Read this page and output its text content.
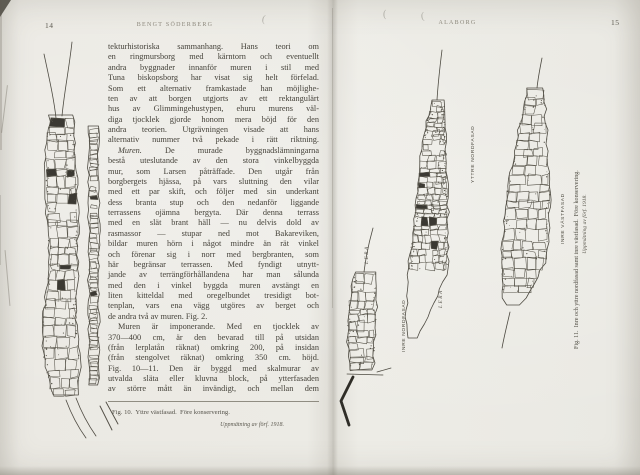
(	(	(
14	BENGT SÖDERBERG
tekturhistoriska sammanhang. Hans teori om
en ringmursborg med kärntorn och eventuellt
andra byggnader innanför muren i stil med
Tuna biskopsborg har visat sig helt förfelad.
Som ett alternativ framkastade han möjlighe-
ten av att borgen utgjorts av ett rektangulärt
hus av Glimmingehustypen, ehuru murens väl-
diga tjocklek gjorde honom mera böjd för den
andra teorien. Utgrävningen visade att hans
alternativ nummer två pekade i rätt riktning.
Muren. De murade byggnadslämningarna
bestå uteslutande av den stora vinkelbyggda
mur, som Larsen påträffade. Den utgår från
borgbergets hjässa, på vars sluttning den vilar
med ett par skift, och följer med sin underkant
dess branta stup och den nedanför liggande
terrassens ojämna bergyta. Där denna terrass
med en slät brant häll — nu delvis dold av
rasmassor — stupar ned mot Bakareviken,
bildar muren hörn i något mindre än rät vinkel
och förenar sig i norr med bergbranten, som
här begränsar terrassen. Med fyndigt utnytt-
jande av terrängförhållandena har man sålunda
med den i vinkel byggda muren avstängt en
liten kitteldal med oregelbundet tresidigt bot-
tenplan, vars ena vägg utgöres av berget och
de andra två av muren. Fig. 2.
Muren är imponerande. Med en tjocklek av
370—400 cm, är den bevarad till på utsidan
(från lerplatån räknat) omkring 200, på insidan
(från stengolvet räknat) omkring 350 cm. höjd.
Fig. 10—11. Den är byggd med skalmurar av
utvalda släta eller kluvna block, på ytterfasaden
av större mått än invändigt, och mellan dem
Fig. 10.  Yttre västfasad.  Före konservering.
Uppmätning av förf. 1918.
ALABORG	15
YTTRE NORDFASAD
INRE NORDFASAD
INRE VÄSTFASAD
LERA
LERA	Fig. 11.  Inre och yttre nordfasad samt inre västfasad.  Före konservering. Uppmätning av förf. 1918.
